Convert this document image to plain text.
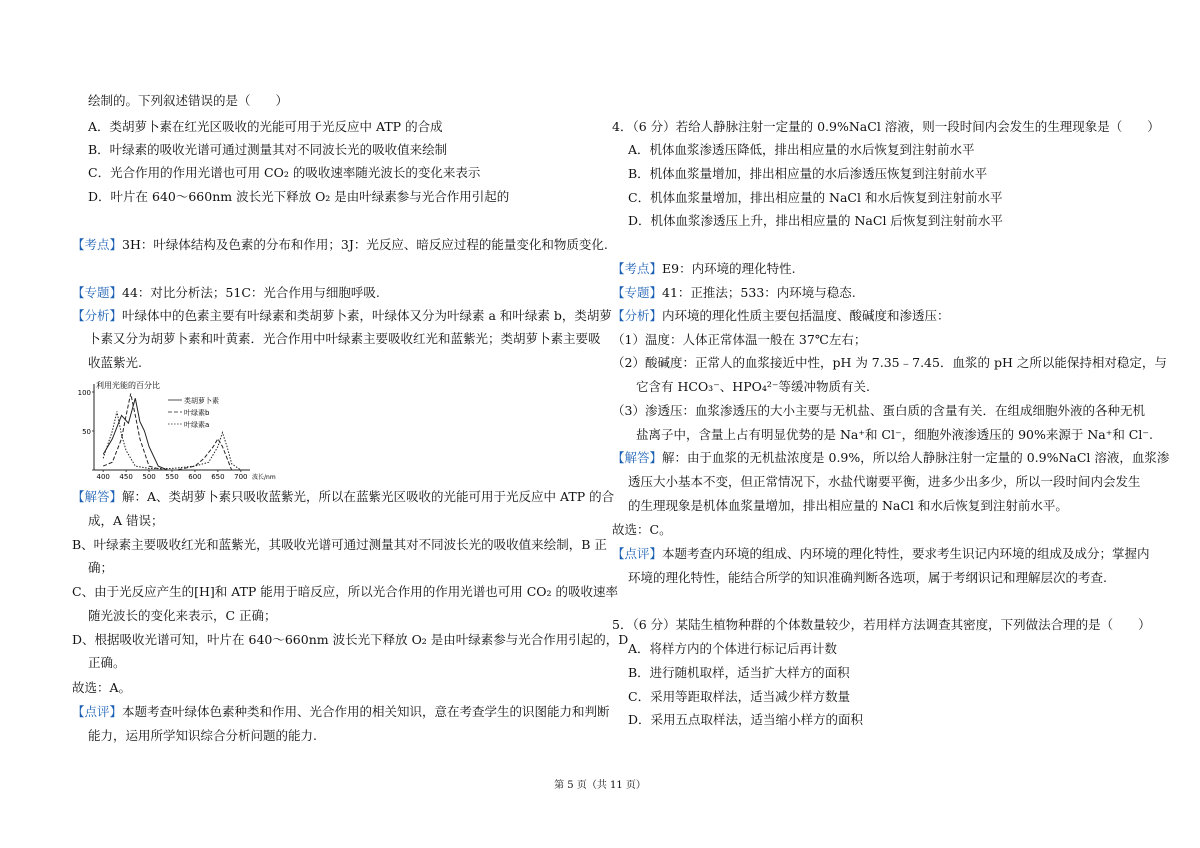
绘制的。下列叙述错误的是（　　）
A．类胡萝卜素在红光区吸收的光能可用于光反应中 ATP 的合成
B．叶绿素的吸收光谱可通过测量其对不同波长光的吸收值来绘制
C．光合作用的作用光谱也可用 CO₂ 的吸收速率随光波长的变化来表示
D．叶片在 640～660nm 波长光下释放 O₂ 是由叶绿素参与光合作用引起的
【考点】3H：叶绿体结构及色素的分布和作用；3J：光反应、暗反应过程的能量变化和物质变化.
【专题】44：对比分析法；51C：光合作用与细胞呼吸.
【分析】叶绿体中的色素主要有叶绿素和类胡萝卜素，叶绿体又分为叶绿素 a 和叶绿素 b，类胡萝
卜素又分为胡萝卜素和叶黄素．光合作用中叶绿素主要吸收红光和蓝紫光；类胡萝卜素主要吸
收蓝紫光.
利用光能的百分比
50
100
400 450 500 550 600 650 700 波长/nm
类胡萝卜素
叶绿素b
叶绿素a
【解答】解：A、类胡萝卜素只吸收蓝紫光，所以在蓝紫光区吸收的光能可用于光反应中 ATP 的合
成，A 错误；
B、叶绿素主要吸收红光和蓝紫光，其吸收光谱可通过测量其对不同波长光的吸收值来绘制，B 正
确；
C、由于光反应产生的[H]和 ATP 能用于暗反应，所以光合作用的作用光谱也可用 CO₂ 的吸收速率
随光波长的变化来表示，C 正确；
D、根据吸收光谱可知，叶片在 640～660nm 波长光下释放 O₂ 是由叶绿素参与光合作用引起的，D
正确。
故选：A。
【点评】本题考查叶绿体色素种类和作用、光合作用的相关知识，意在考查学生的识图能力和判断
能力，运用所学知识综合分析问题的能力.
4．（6 分）若给人静脉注射一定量的 0.9%NaCl 溶液，则一段时间内会发生的生理现象是（　　）
A．机体血浆渗透压降低，排出相应量的水后恢复到注射前水平
B．机体血浆量增加，排出相应量的水后渗透压恢复到注射前水平
C．机体血浆量增加，排出相应量的 NaCl 和水后恢复到注射前水平
D．机体血浆渗透压上升，排出相应量的 NaCl 后恢复到注射前水平
【考点】E9：内环境的理化特性.
【专题】41：正推法；533：内环境与稳态.
【分析】内环境的理化性质主要包括温度、酸碱度和渗透压：
（1）温度：人体正常体温一般在 37℃左右；
（2）酸碱度：正常人的血浆接近中性，pH 为 7.35﹣7.45．血浆的 pH 之所以能保持相对稳定，与
它含有 HCO₃⁻、HPO₄²⁻等缓冲物质有关.
（3）渗透压：血浆渗透压的大小主要与无机盐、蛋白质的含量有关．在组成细胞外液的各种无机
盐离子中，含量上占有明显优势的是 Na⁺和 Cl⁻，细胞外液渗透压的 90%来源于 Na⁺和 Cl⁻.
【解答】解：由于血浆的无机盐浓度是 0.9%，所以给人静脉注射一定量的 0.9%NaCl 溶液，血浆渗
透压大小基本不变，但正常情况下，水盐代谢要平衡，进多少出多少，所以一段时间内会发生
的生理现象是机体血浆量增加，排出相应量的 NaCl 和水后恢复到注射前水平。
故选：C。
【点评】本题考查内环境的组成、内环境的理化特性，要求考生识记内环境的组成及成分；掌握内
环境的理化特性，能结合所学的知识准确判断各选项，属于考纲识记和理解层次的考查.
5．（6 分）某陆生植物种群的个体数量较少，若用样方法调查其密度，下列做法合理的是（　　）
A．将样方内的个体进行标记后再计数
B．进行随机取样，适当扩大样方的面积
C．采用等距取样法，适当减少样方数量
D．采用五点取样法，适当缩小样方的面积
第 5 页（共 11 页）
